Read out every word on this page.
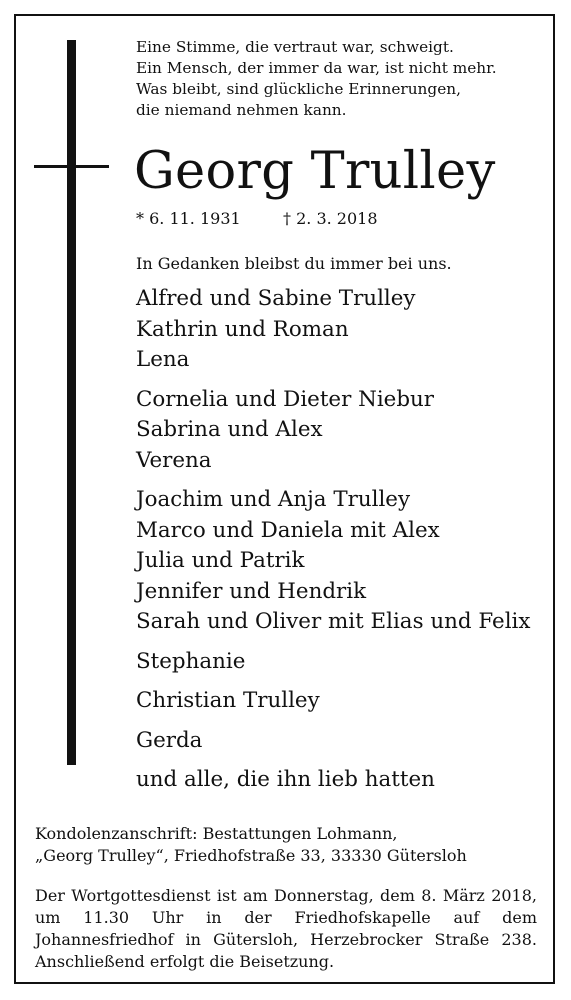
Eine Stimme, die vertraut war, schweigt.
Ein Mensch, der immer da war, ist nicht mehr.
Was bleibt, sind glückliche Erinnerungen,
die niemand nehmen kann.
Georg Trulley
* 6. 11. 1931	† 2. 3. 2018
In Gedanken bleibst du immer bei uns.
Alfred und Sabine Trulley
Kathrin und Roman
Lena
Cornelia und Dieter Niebur
Sabrina und Alex
Verena
Joachim und Anja Trulley
Marco und Daniela mit Alex
Julia und Patrik
Jennifer und Hendrik
Sarah und Oliver mit Elias und Felix
Stephanie
Christian Trulley
Gerda
und alle, die ihn lieb hatten
Kondolenzanschrift: Bestattungen Lohmann,
„Georg Trulley“, Friedhofstraße 33, 33330 Gütersloh
Der Wortgottesdienst ist am Donnerstag, dem 8. März 2018, um 11.30 Uhr in der Friedhofskapelle auf dem Johannesfriedhof in Gütersloh, Herzebrocker Straße 238. Anschließend erfolgt die Beisetzung.
